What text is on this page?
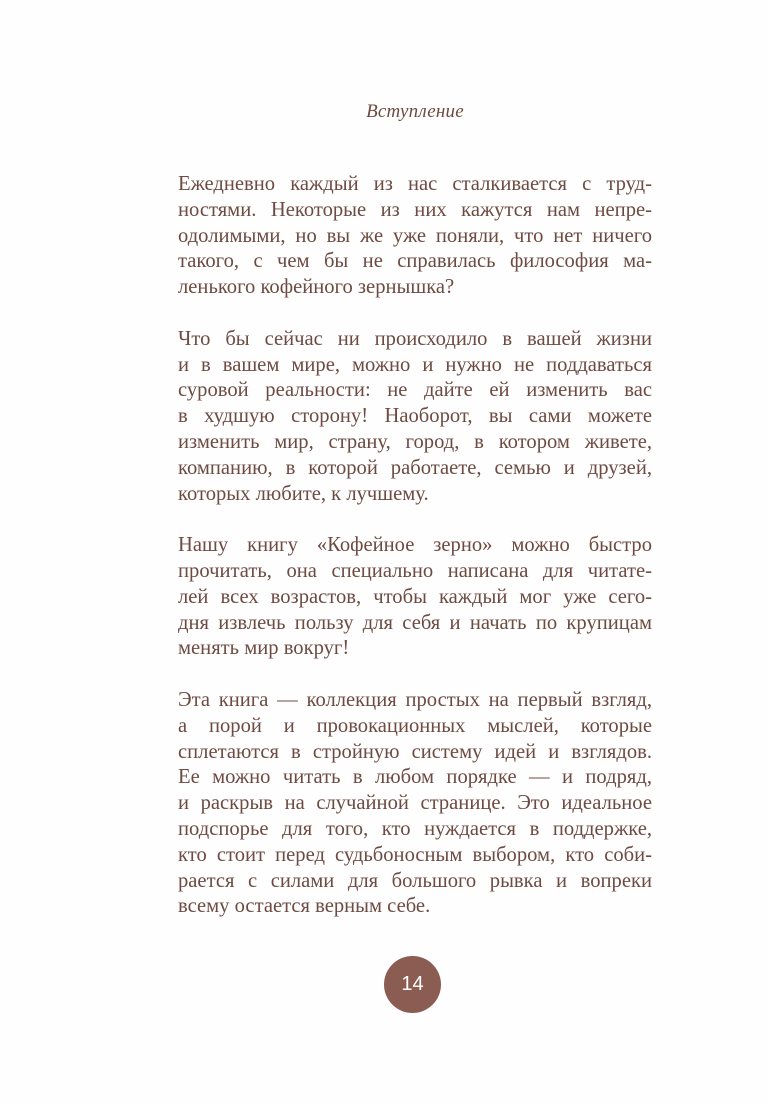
Вступление
Ежедневно каждый из нас сталкивается с труд-
ностями. Некоторые из них кажутся нам непре-
одолимыми, но вы же уже поняли, что нет ничего
такого, с чем бы не справилась философия ма-
ленького кофейного зернышка?
Что бы сейчас ни происходило в вашей жизни
и в вашем мире, можно и нужно не поддаваться
суровой реальности: не дайте ей изменить вас
в худшую сторону! Наоборот, вы сами можете
изменить мир, страну, город, в котором живете,
компанию, в которой работаете, семью и друзей,
которых любите, к лучшему.
Нашу книгу «Кофейное зерно» можно быстро
прочитать, она специально написана для читате-
лей всех возрастов, чтобы каждый мог уже сего-
дня извлечь пользу для себя и начать по крупицам
менять мир вокруг!
Эта книга — коллекция простых на первый взгляд,
а порой и провокационных мыслей, которые
сплетаются в стройную систему идей и взглядов.
Ее можно читать в любом порядке — и подряд,
и раскрыв на случайной странице. Это идеальное
подспорье для того, кто нуждается в поддержке,
кто стоит перед судьбоносным выбором, кто соби-
рается с силами для большого рывка и вопреки
всему остается верным себе.
14
